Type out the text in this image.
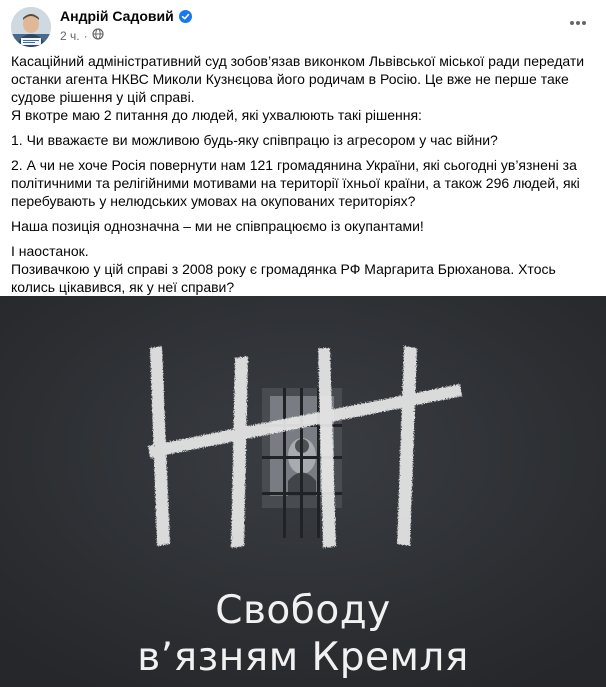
Андрій Садовий
2 ч. ·

Касаційний адміністративний суд зобов’язав виконком Львівської міської ради передати останки агента НКВС Миколи Кузнєцова його родичам в Росію. Це вже не перше таке судове рішення у цій справі.

Я вкотре маю 2 питання до людей, які ухвалюють такі рішення:

1. Чи вважаєте ви можливою будь-яку співпрацю із агресором у час війни?

2. А чи не хоче Росія повернути нам 121 громадянина України, які сьогодні ув’язнені за політичними та релігійними мотивами на території їхньої країни, а також 296 людей, які перебувають у нелюдських умовах на окупованих територіях?

Наша позиція однозначна – ми не співпрацюємо із окупантами!

І наостанок.

Позивачкою у цій справі з 2008 року є громадянка РФ Маргарита Брюханова. Хтось колись цікавився, як у неї справи?

Свободу
в’язням Кремля
